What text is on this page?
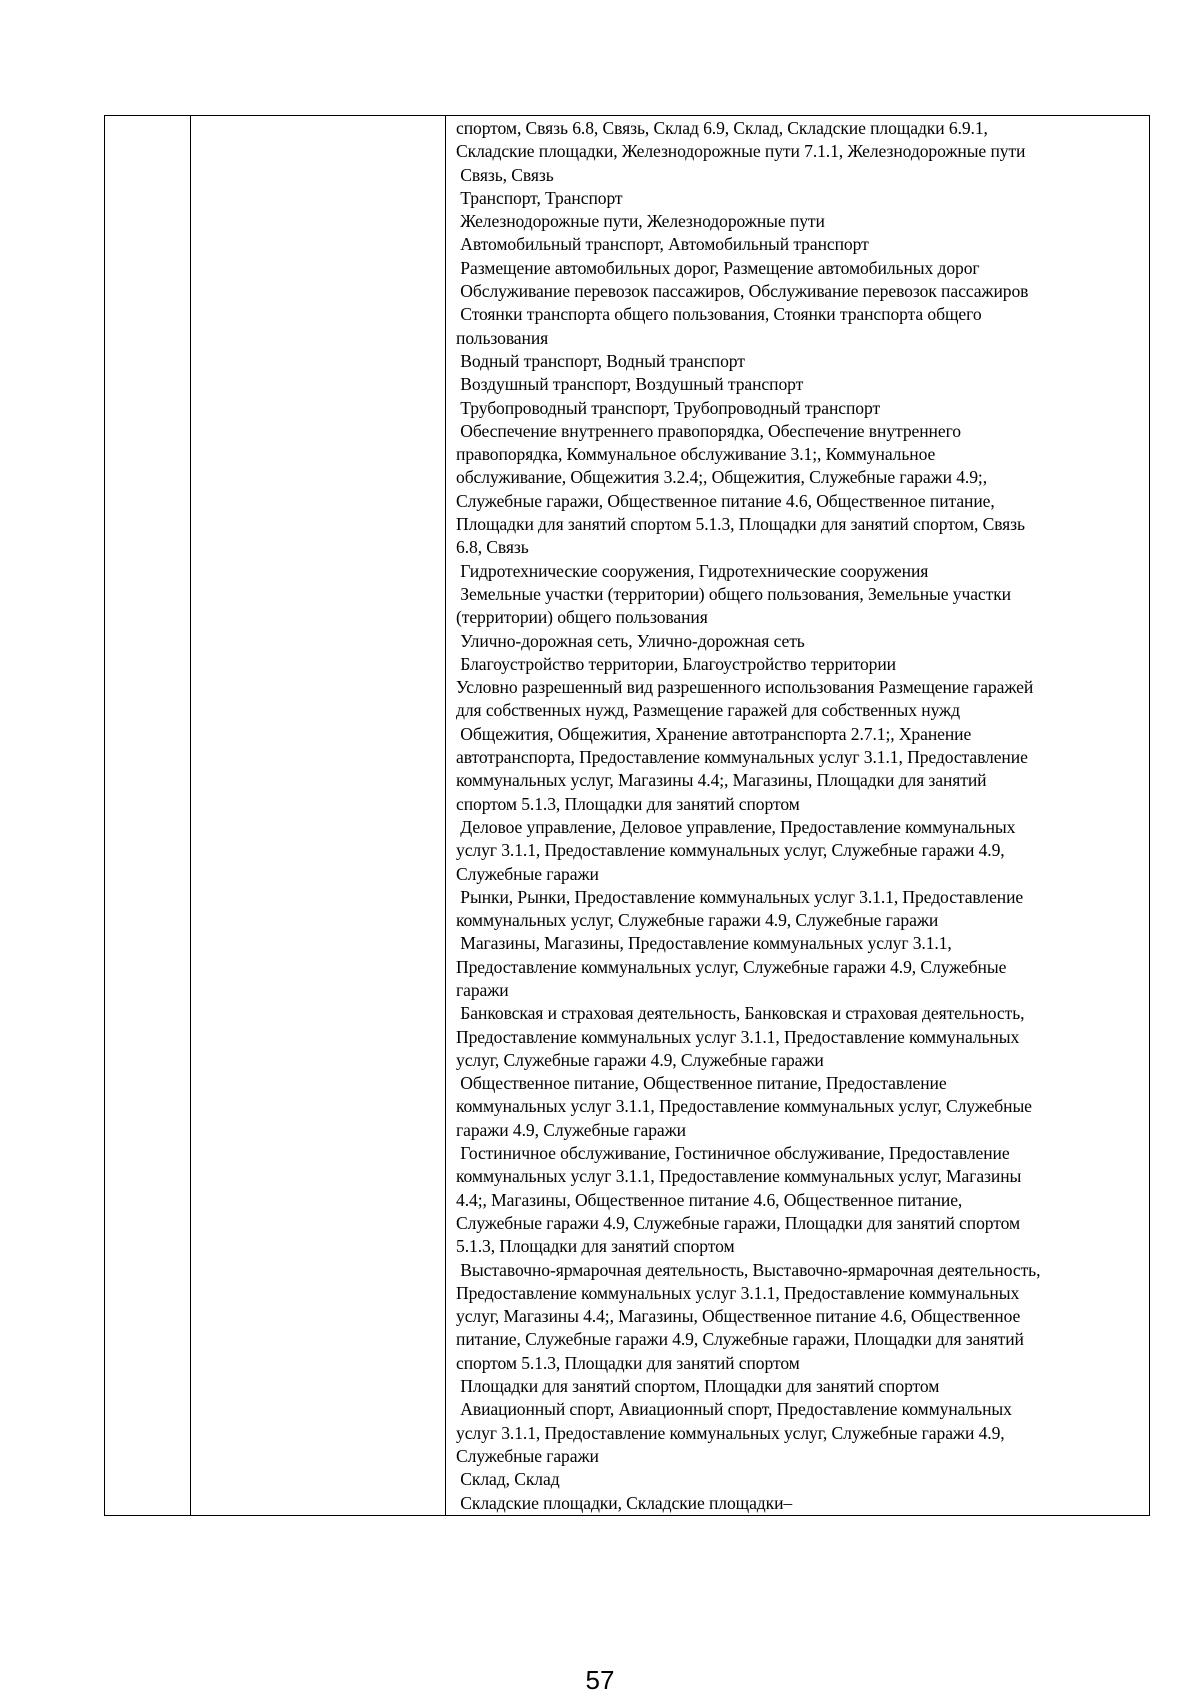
спортом, Связь 6.8, Связь, Склад 6.9, Склад, Складские площадки 6.9.1,
Складские площадки, Железнодорожные пути 7.1.1, Железнодорожные пути
Связь, Связь
Транспорт, Транспорт
Железнодорожные пути, Железнодорожные пути
Автомобильный транспорт, Автомобильный транспорт
Размещение автомобильных дорог, Размещение автомобильных дорог
Обслуживание перевозок пассажиров, Обслуживание перевозок пассажиров
Стоянки транспорта общего пользования, Стоянки транспорта общего
пользования
Водный транспорт, Водный транспорт
Воздушный транспорт, Воздушный транспорт
Трубопроводный транспорт, Трубопроводный транспорт
Обеспечение внутреннего правопорядка, Обеспечение внутреннего
правопорядка, Коммунальное обслуживание 3.1;, Коммунальное
обслуживание, Общежития 3.2.4;, Общежития, Служебные гаражи 4.9;,
Служебные гаражи, Общественное питание 4.6, Общественное питание,
Площадки для занятий спортом 5.1.3, Площадки для занятий спортом, Связь
6.8, Связь
Гидротехнические сооружения, Гидротехнические сооружения
Земельные участки (территории) общего пользования, Земельные участки
(территории) общего пользования
Улично-дорожная сеть, Улично-дорожная сеть
Благоустройство территории, Благоустройство территории
Условно разрешенный вид разрешенного использования Размещение гаражей
для собственных нужд, Размещение гаражей для собственных нужд
Общежития, Общежития, Хранение автотранспорта 2.7.1;, Хранение
автотранспорта, Предоставление коммунальных услуг 3.1.1, Предоставление
коммунальных услуг, Магазины 4.4;, Магазины, Площадки для занятий
спортом 5.1.3, Площадки для занятий спортом
Деловое управление, Деловое управление, Предоставление коммунальных
услуг 3.1.1, Предоставление коммунальных услуг, Служебные гаражи 4.9,
Служебные гаражи
Рынки, Рынки, Предоставление коммунальных услуг 3.1.1, Предоставление
коммунальных услуг, Служебные гаражи 4.9, Служебные гаражи
Магазины, Магазины, Предоставление коммунальных услуг 3.1.1,
Предоставление коммунальных услуг, Служебные гаражи 4.9, Служебные
гаражи
Банковская и страховая деятельность, Банковская и страховая деятельность,
Предоставление коммунальных услуг 3.1.1, Предоставление коммунальных
услуг, Служебные гаражи 4.9, Служебные гаражи
Общественное питание, Общественное питание, Предоставление
коммунальных услуг 3.1.1, Предоставление коммунальных услуг, Служебные
гаражи 4.9, Служебные гаражи
Гостиничное обслуживание, Гостиничное обслуживание, Предоставление
коммунальных услуг 3.1.1, Предоставление коммунальных услуг, Магазины
4.4;, Магазины, Общественное питание 4.6, Общественное питание,
Служебные гаражи 4.9, Служебные гаражи, Площадки для занятий спортом
5.1.3, Площадки для занятий спортом
Выставочно-ярмарочная деятельность, Выставочно-ярмарочная деятельность,
Предоставление коммунальных услуг 3.1.1, Предоставление коммунальных
услуг, Магазины 4.4;, Магазины, Общественное питание 4.6, Общественное
питание, Служебные гаражи 4.9, Служебные гаражи, Площадки для занятий
спортом 5.1.3, Площадки для занятий спортом
Площадки для занятий спортом, Площадки для занятий спортом
Авиационный спорт, Авиационный спорт, Предоставление коммунальных
услуг 3.1.1, Предоставление коммунальных услуг, Служебные гаражи 4.9,
Служебные гаражи
Склад, Склад
Складские площадки, Складские площадки–
57
